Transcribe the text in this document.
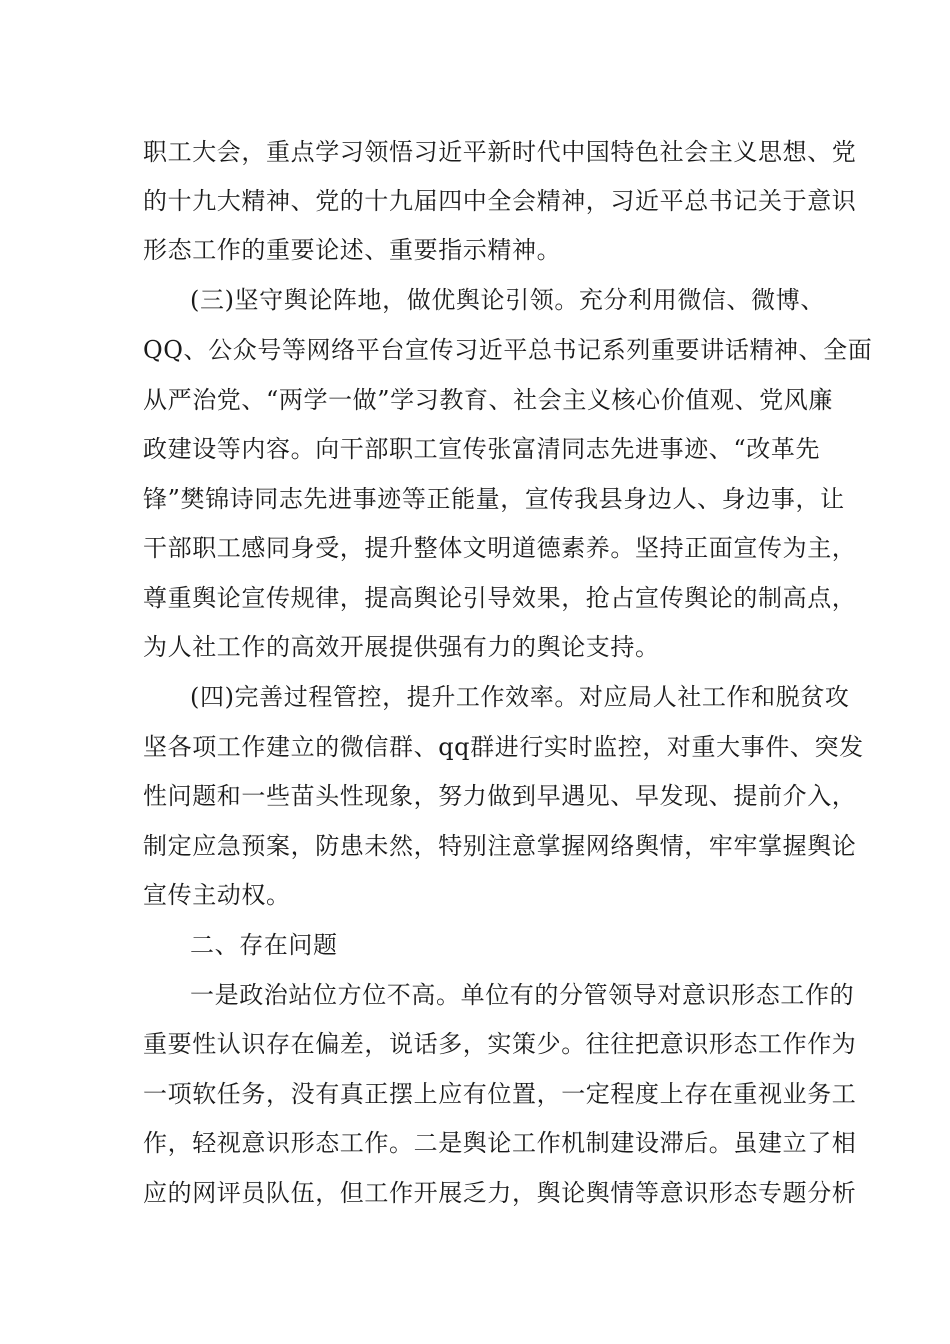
职工大会，重点学习领悟习近平新时代中国特色社会主义思想、党
的十九大精神、党的十九届四中全会精神，习近平总书记关于意识
形态工作的重要论述、重要指示精神。
(三)坚守舆论阵地，做优舆论引领。充分利用微信、微博、
QQ、公众号等网络平台宣传习近平总书记系列重要讲话精神、全面
从严治党、“两学一做”学习教育、社会主义核心价值观、党风廉
政建设等内容。向干部职工宣传张富清同志先进事迹、“改革先
锋”樊锦诗同志先进事迹等正能量，宣传我县身边人、身边事，让
干部职工感同身受，提升整体文明道德素养。坚持正面宣传为主，
尊重舆论宣传规律，提高舆论引导效果，抢占宣传舆论的制高点，
为人社工作的高效开展提供强有力的舆论支持。
(四)完善过程管控，提升工作效率。对应局人社工作和脱贫攻
坚各项工作建立的微信群、qq群进行实时监控，对重大事件、突发
性问题和一些苗头性现象，努力做到早遇见、早发现、提前介入，
制定应急预案，防患未然，特别注意掌握网络舆情，牢牢掌握舆论
宣传主动权。
二、存在问题
一是政治站位方位不高。单位有的分管领导对意识形态工作的
重要性认识存在偏差，说话多，实策少。往往把意识形态工作作为
一项软任务，没有真正摆上应有位置，一定程度上存在重视业务工
作，轻视意识形态工作。二是舆论工作机制建设滞后。虽建立了相
应的网评员队伍，但工作开展乏力，舆论舆情等意识形态专题分析
